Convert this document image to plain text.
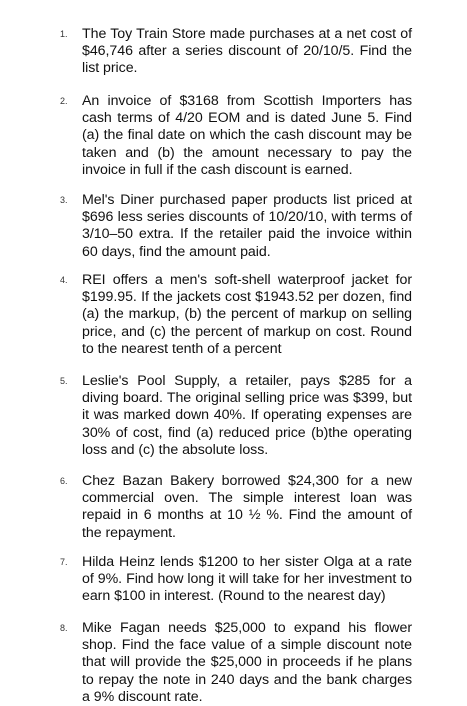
1.	The Toy Train Store made purchases at a net cost of $46,746 after a series discount of 20/10/5. Find the list price.
2.	An invoice of $3168 from Scottish Importers has cash terms of 4/20 EOM and is dated June 5. Find (a) the final date on which the cash discount may be taken and (b) the amount necessary to pay the invoice in full if the cash discount is earned.
3.	Mel's Diner purchased paper products list priced at $696 less series discounts of 10/20/10, with terms of 3/10–50 extra. If the retailer paid the invoice within 60 days, find the amount paid.
4.	REI offers a men's soft-shell waterproof jacket for $199.95. If the jackets cost $1943.52 per dozen, find (a) the markup, (b) the percent of markup on selling price, and (c) the percent of markup on cost. Round to the nearest tenth of a percent
5.	Leslie's Pool Supply, a retailer, pays $285 for a diving board. The original selling price was $399, but it was marked down 40%. If operating expenses are 30% of cost, find (a) reduced price (b)the operating loss and (c) the absolute loss.
6.	Chez Bazan Bakery borrowed $24,300 for a new commercial oven. The simple interest loan was repaid in 6 months at 10 ½ %. Find the amount of the repayment.
7.	Hilda Heinz lends $1200 to her sister Olga at a rate of 9%. Find how long it will take for her investment to earn $100 in interest. (Round to the nearest day)
8.	Mike Fagan needs $25,000 to expand his flower shop. Find the face value of a simple discount note that will provide the $25,000 in proceeds if he plans to repay the note in 240 days and the bank charges a 9% discount rate.
